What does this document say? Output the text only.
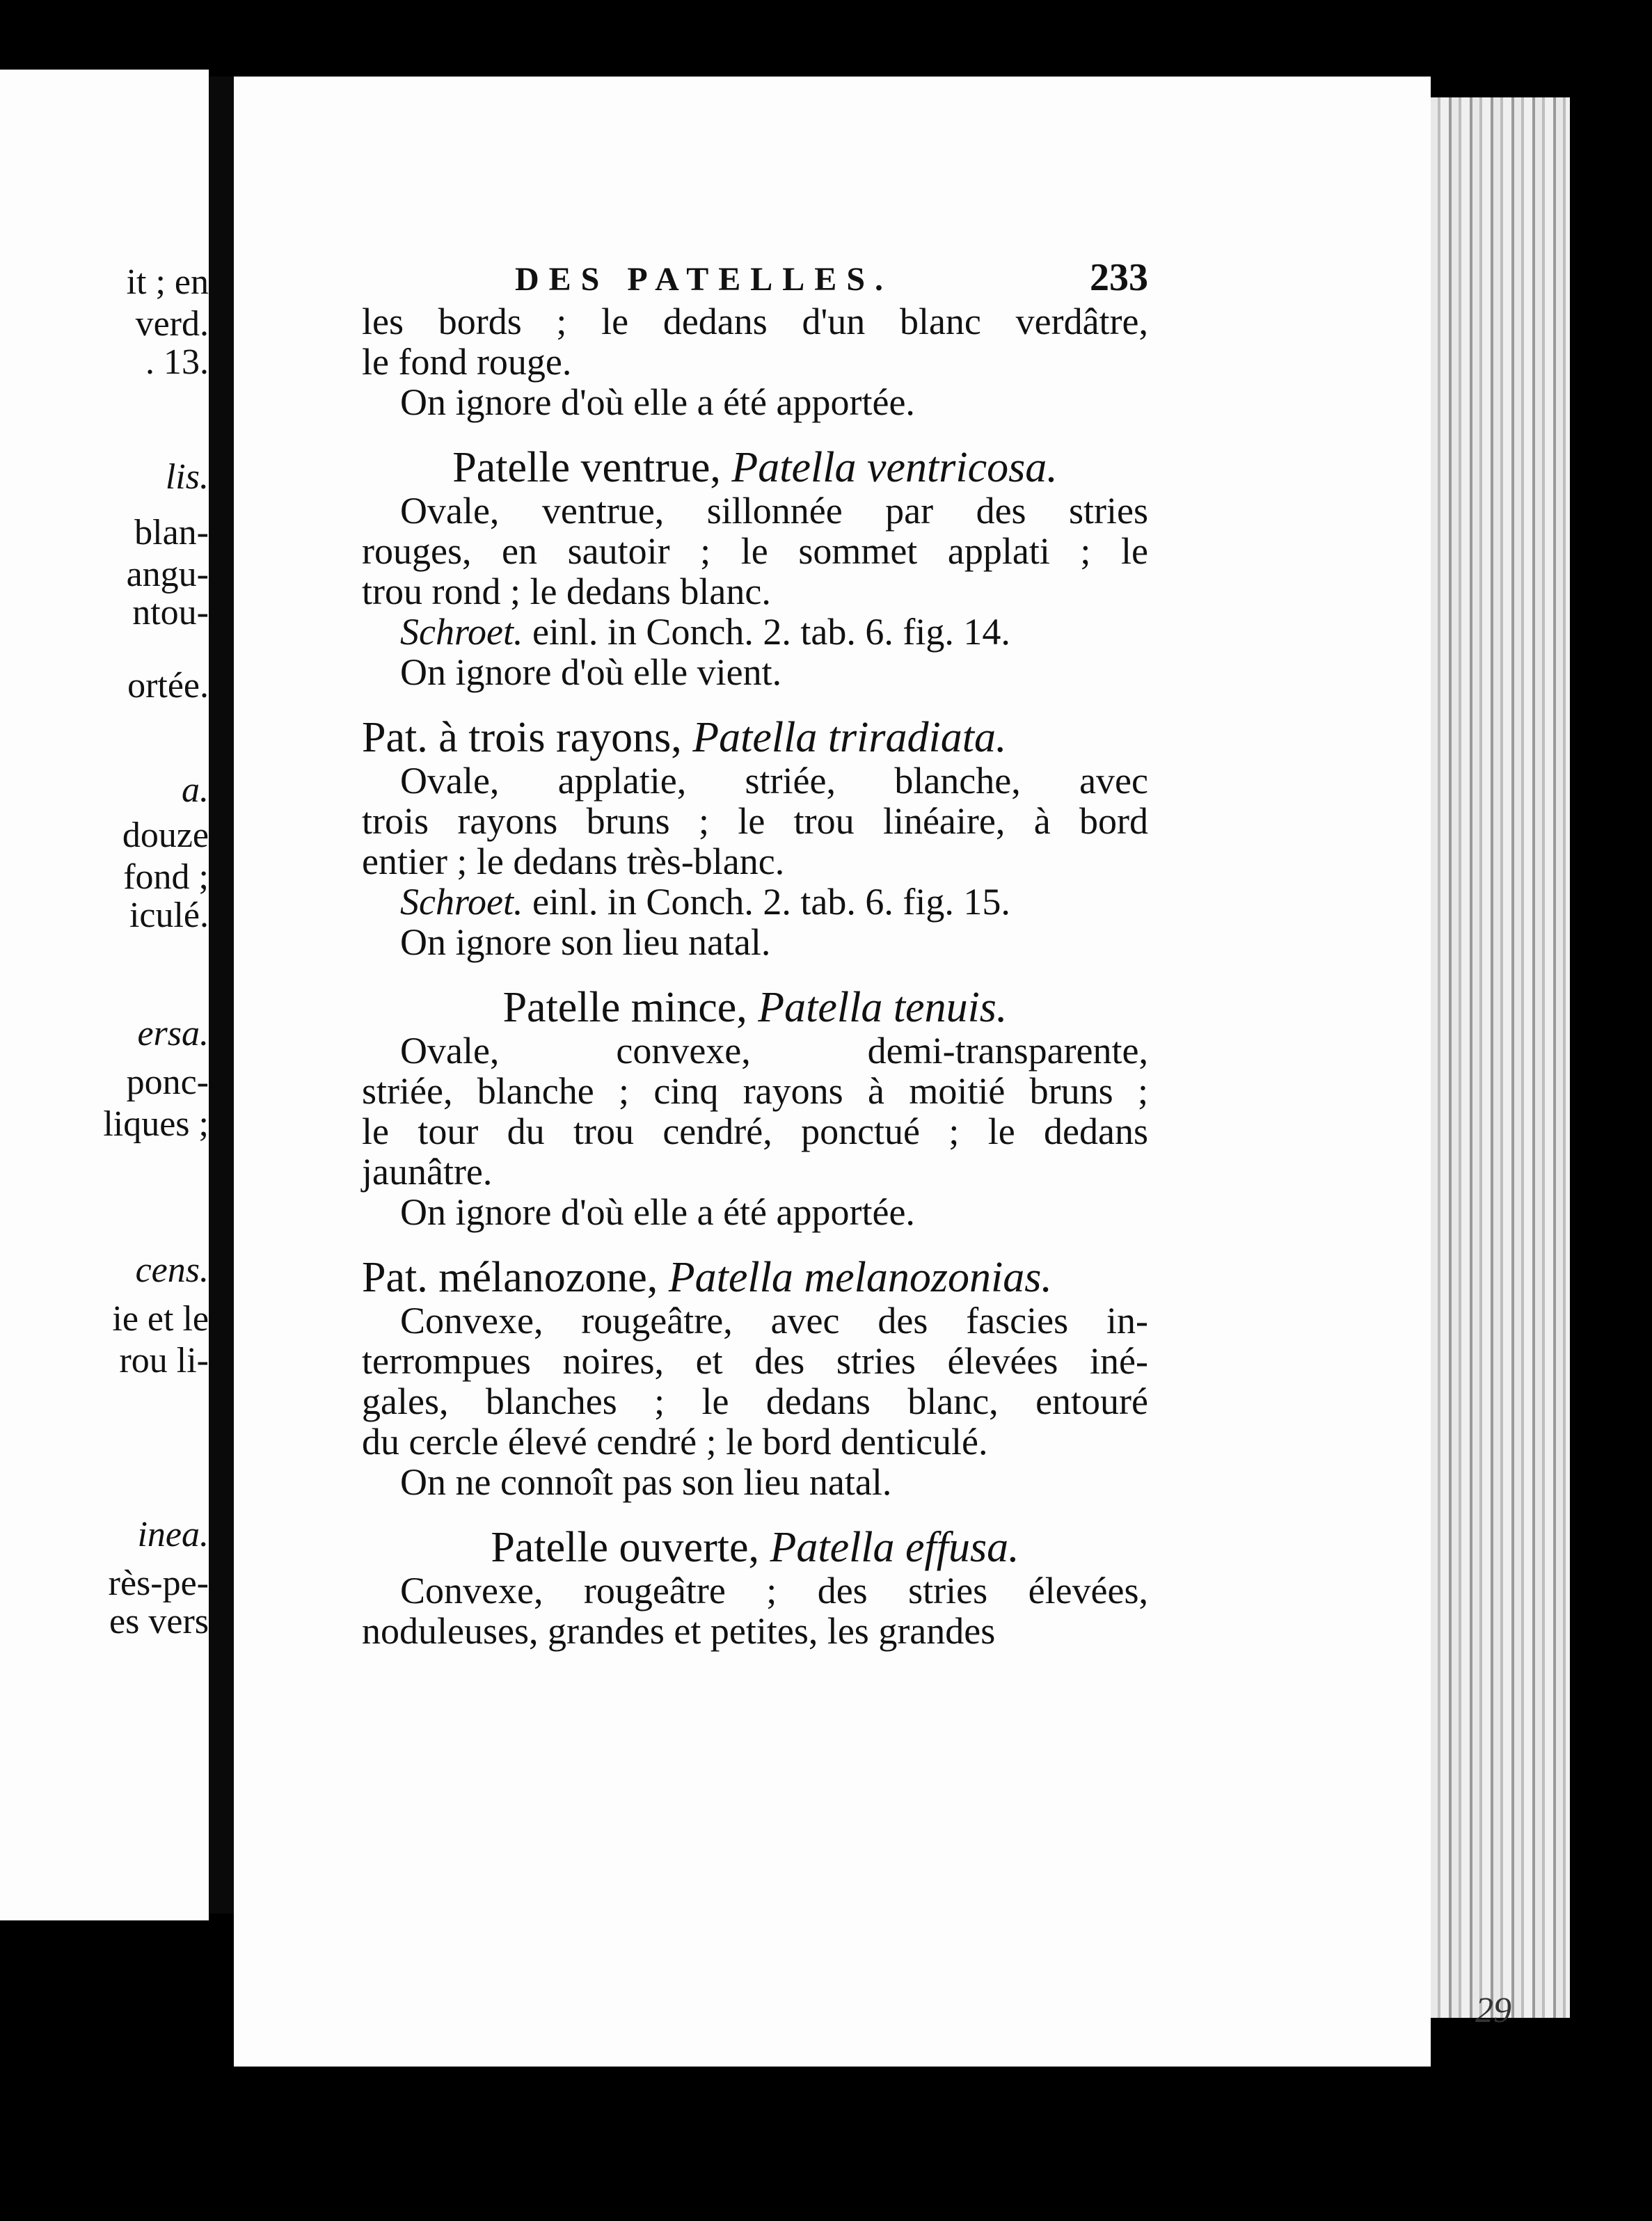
it ; en
verd.
. 13.
lis.
blan-
angu-
ntou-
ortée.
a.
douze
fond ;
iculé.
ersa.
ponc-
liques ;
cens.
ie et le
rou li-
inea.
rès-pe-
es vers
29
DES PATELLES.	233
les bords ; le dedans d'un blanc verdâtre,
le fond rouge.
On ignore d'où elle a été apportée.
Patelle ventrue, Patella ventricosa.
Ovale, ventrue, sillonnée par des stries
rouges, en sautoir ; le sommet applati ; le
trou rond ; le dedans blanc.
Schroet. einl. in Conch. 2. tab. 6. fig. 14.
On ignore d'où elle vient.
Pat. à trois rayons, Patella triradiata.
Ovale, applatie, striée, blanche, avec
trois rayons bruns ; le trou linéaire, à bord
entier ; le dedans très-blanc.
Schroet. einl. in Conch. 2. tab. 6. fig. 15.
On ignore son lieu natal.
Patelle mince, Patella tenuis.
Ovale, convexe, demi-transparente,
striée, blanche ; cinq rayons à moitié bruns ;
le tour du trou cendré, ponctué ; le dedans
jaunâtre.
On ignore d'où elle a été apportée.
Pat. mélanozone, Patella melanozonias.
Convexe, rougeâtre, avec des fascies in-
terrompues noires, et des stries élevées iné-
gales, blanches ; le dedans blanc, entouré
du cercle élevé cendré ; le bord denticulé.
On ne connoît pas son lieu natal.
Patelle ouverte, Patella effusa.
Convexe, rougeâtre ; des stries élevées,
noduleuses, grandes et petites, les grandes
